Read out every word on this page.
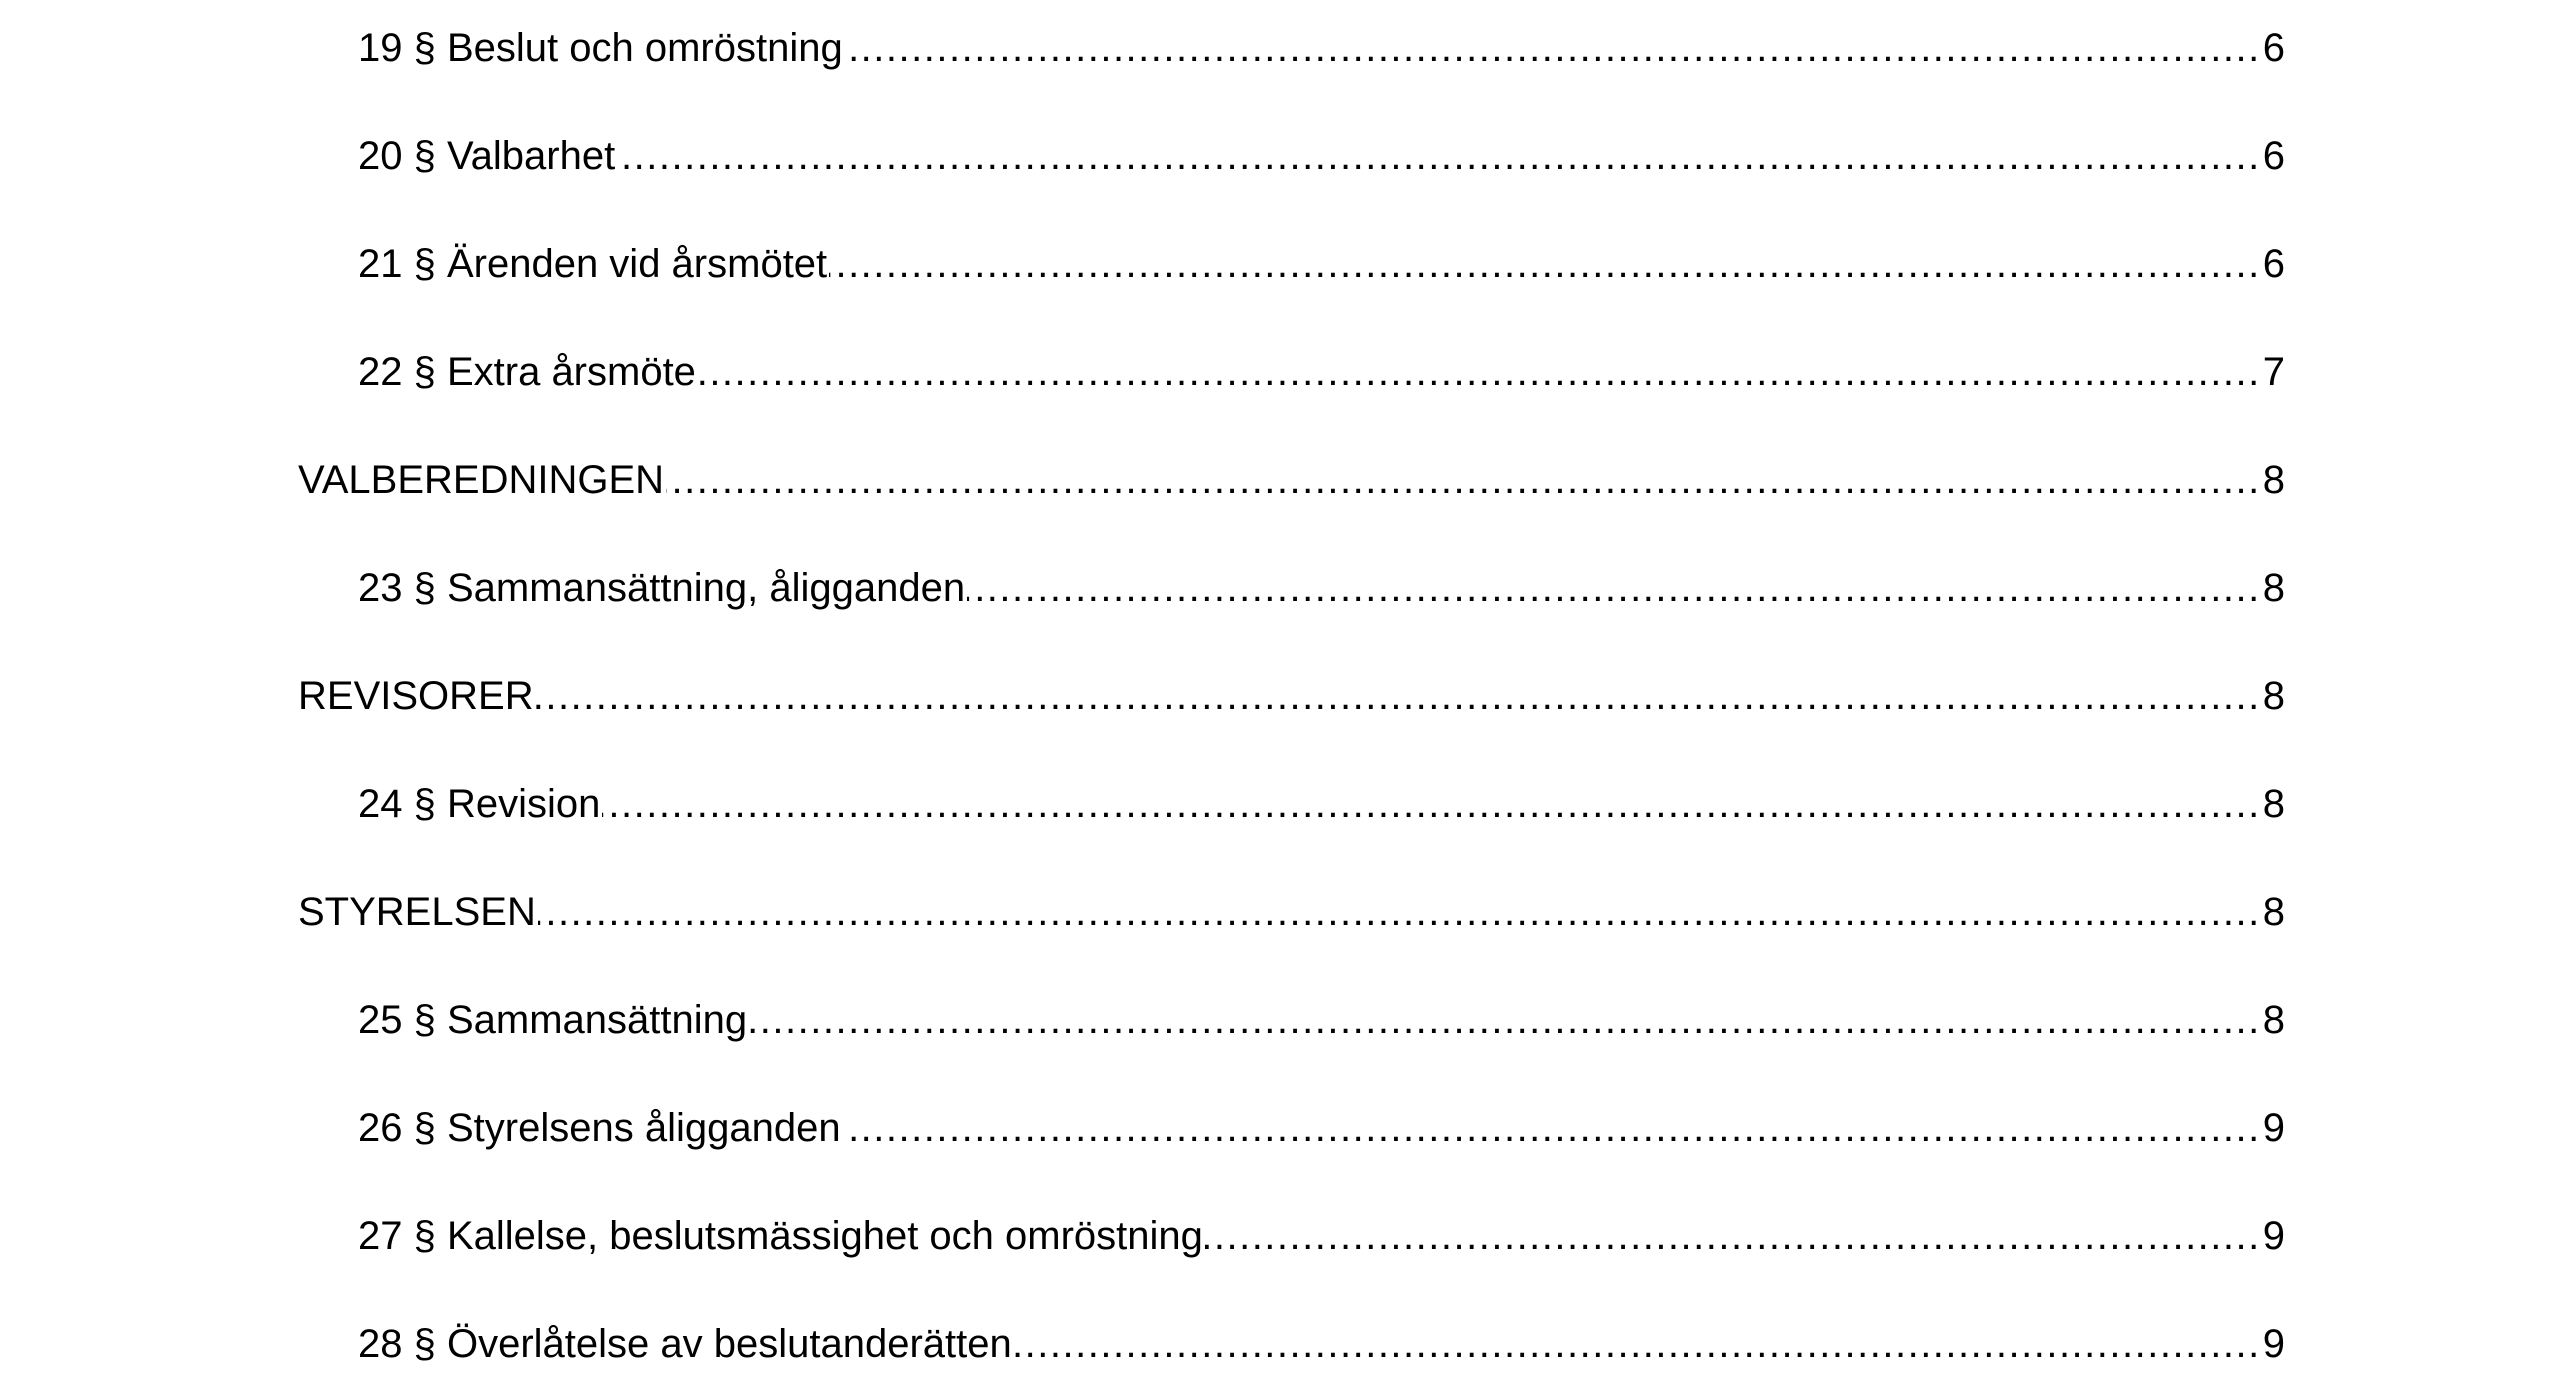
19 § Beslut och omröstning .....	6
20 § Valbarhet .....	6
21 § Ärenden vid årsmötet .....	6
22 § Extra årsmöte .....	7
VALBEREDNINGEN .....	8
23 § Sammansättning, åligganden .....	8
REVISORER .....	8
24 § Revision .....	8
STYRELSEN .....	8
25 § Sammansättning .....	8
26 § Styrelsens åligganden .....	9
27 § Kallelse, beslutsmässighet och omröstning .....	9
28 § Överlåtelse av beslutanderätten .....	9
